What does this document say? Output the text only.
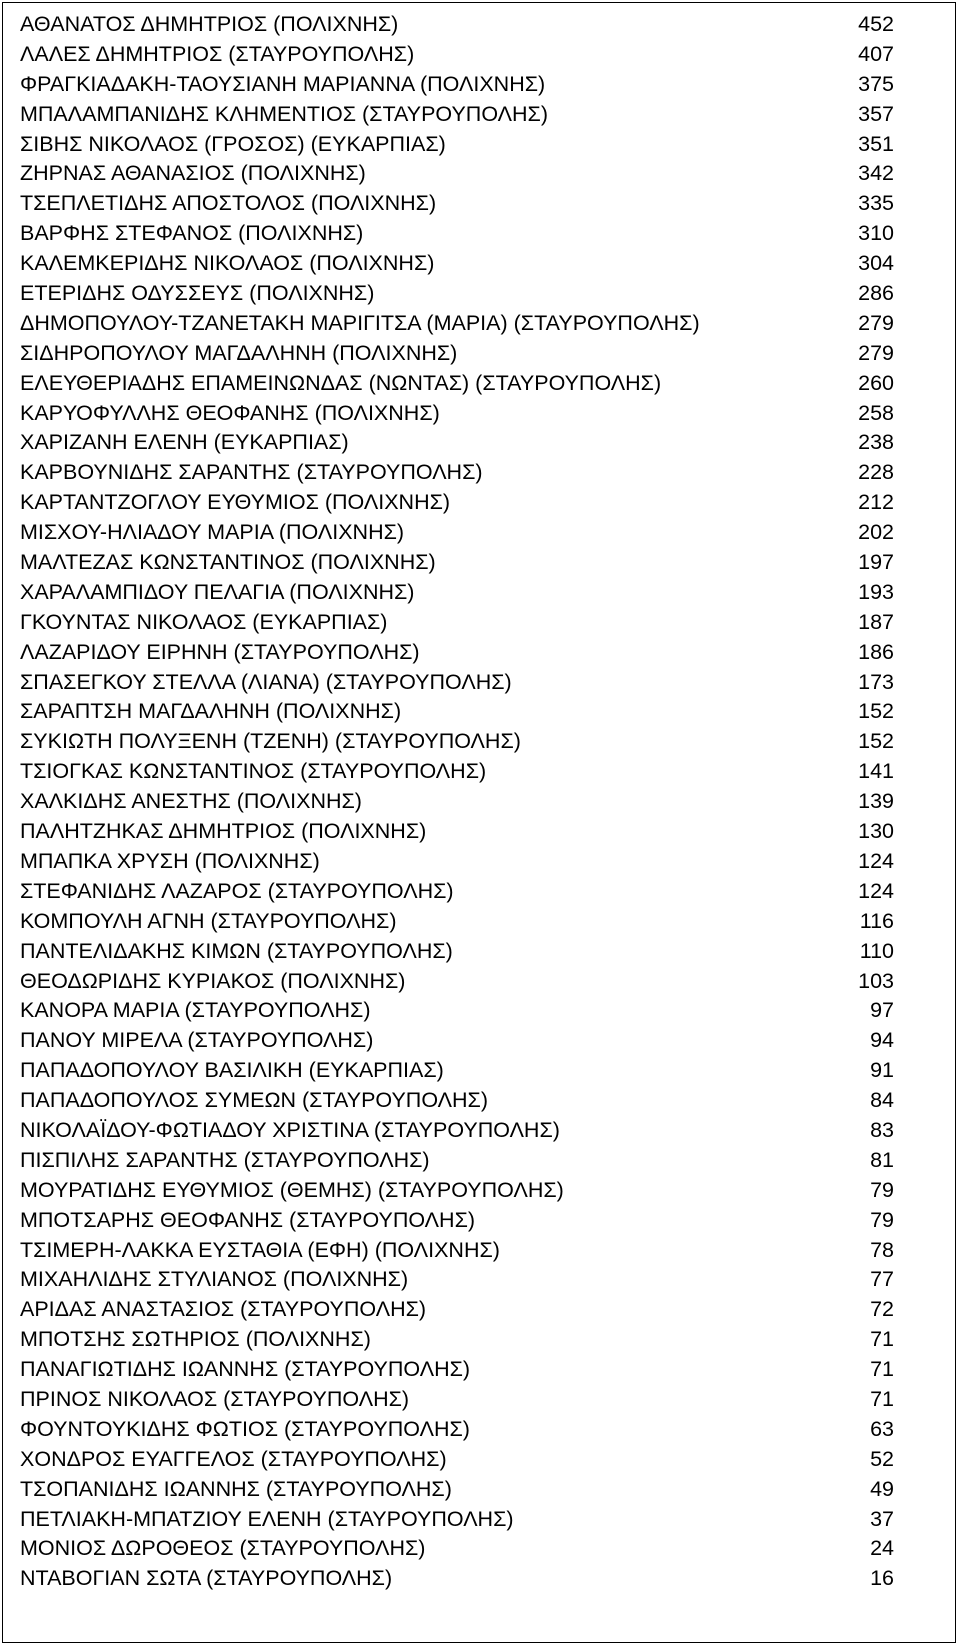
ΑΘΑΝΑΤΟΣ ΔΗΜΗΤΡΙΟΣ (ΠΟΛΙΧΝΗΣ)	452
ΛΑΛΕΣ ΔΗΜΗΤΡΙΟΣ (ΣΤΑΥΡΟΥΠΟΛΗΣ)	407
ΦΡΑΓΚΙΑΔΑΚΗ-ΤΑΟΥΣΙΑΝΗ ΜΑΡΙΑΝΝΑ (ΠΟΛΙΧΝΗΣ)	375
ΜΠΑΛΑΜΠΑΝΙΔΗΣ ΚΛΗΜΕΝΤΙΟΣ (ΣΤΑΥΡΟΥΠΟΛΗΣ)	357
ΣΙΒΗΣ ΝΙΚΟΛΑΟΣ (ΓΡΟΣΟΣ) (ΕΥΚΑΡΠΙΑΣ)	351
ΖΗΡΝΑΣ ΑΘΑΝΑΣΙΟΣ (ΠΟΛΙΧΝΗΣ)	342
ΤΣΕΠΛΕΤΙΔΗΣ ΑΠΟΣΤΟΛΟΣ (ΠΟΛΙΧΝΗΣ)	335
ΒΑΡΦΗΣ ΣΤΕΦΑΝΟΣ (ΠΟΛΙΧΝΗΣ)	310
ΚΑΛΕΜΚΕΡΙΔΗΣ ΝΙΚΟΛΑΟΣ (ΠΟΛΙΧΝΗΣ)	304
ΕΤΕΡΙΔΗΣ ΟΔΥΣΣΕΥΣ (ΠΟΛΙΧΝΗΣ)	286
ΔΗΜΟΠΟΥΛΟΥ-ΤΖΑΝΕΤΑΚΗ ΜΑΡΙΓΙΤΣΑ (ΜΑΡΙΑ) (ΣΤΑΥΡΟΥΠΟΛΗΣ)	279
ΣΙΔΗΡΟΠΟΥΛΟΥ ΜΑΓΔΑΛΗΝΗ (ΠΟΛΙΧΝΗΣ)	279
ΕΛΕΥΘΕΡΙΑΔΗΣ ΕΠΑΜΕΙΝΩΝΔΑΣ (ΝΩΝΤΑΣ) (ΣΤΑΥΡΟΥΠΟΛΗΣ)	260
ΚΑΡΥΟΦΥΛΛΗΣ ΘΕΟΦΑΝΗΣ (ΠΟΛΙΧΝΗΣ)	258
ΧΑΡΙΖΑΝΗ ΕΛΕΝΗ (ΕΥΚΑΡΠΙΑΣ)	238
ΚΑΡΒΟΥΝΙΔΗΣ ΣΑΡΑΝΤΗΣ (ΣΤΑΥΡΟΥΠΟΛΗΣ)	228
ΚΑΡΤΑΝΤΖΟΓΛΟΥ ΕΥΘΥΜΙΟΣ (ΠΟΛΙΧΝΗΣ)	212
ΜΙΣΧΟΥ-ΗΛΙΑΔΟΥ ΜΑΡΙΑ (ΠΟΛΙΧΝΗΣ)	202
ΜΑΛΤΕΖΑΣ ΚΩΝΣΤΑΝΤΙΝΟΣ (ΠΟΛΙΧΝΗΣ)	197
ΧΑΡΑΛΑΜΠΙΔΟΥ ΠΕΛΑΓΙΑ (ΠΟΛΙΧΝΗΣ)	193
ΓΚΟΥΝΤΑΣ ΝΙΚΟΛΑΟΣ (ΕΥΚΑΡΠΙΑΣ)	187
ΛΑΖΑΡΙΔΟΥ ΕΙΡΗΝΗ (ΣΤΑΥΡΟΥΠΟΛΗΣ)	186
ΣΠΑΣΕΓΚΟΥ ΣΤΕΛΛΑ (ΛΙΑΝΑ) (ΣΤΑΥΡΟΥΠΟΛΗΣ)	173
ΣΑΡΑΠΤΣΗ ΜΑΓΔΑΛΗΝΗ (ΠΟΛΙΧΝΗΣ)	152
ΣΥΚΙΩΤΗ ΠΟΛΥΞΕΝΗ (ΤΖΕΝΗ) (ΣΤΑΥΡΟΥΠΟΛΗΣ)	152
ΤΣΙΟΓΚΑΣ ΚΩΝΣΤΑΝΤΙΝΟΣ (ΣΤΑΥΡΟΥΠΟΛΗΣ)	141
ΧΑΛΚΙΔΗΣ ΑΝΕΣΤΗΣ (ΠΟΛΙΧΝΗΣ)	139
ΠΑΛΗΤΖΗΚΑΣ ΔΗΜΗΤΡΙΟΣ (ΠΟΛΙΧΝΗΣ)	130
ΜΠΑΠΚΑ ΧΡΥΣΗ (ΠΟΛΙΧΝΗΣ)	124
ΣΤΕΦΑΝΙΔΗΣ ΛΑΖΑΡΟΣ (ΣΤΑΥΡΟΥΠΟΛΗΣ)	124
ΚΟΜΠΟΥΛΗ ΑΓΝΗ (ΣΤΑΥΡΟΥΠΟΛΗΣ)	116
ΠΑΝΤΕΛΙΔΑΚΗΣ ΚΙΜΩΝ (ΣΤΑΥΡΟΥΠΟΛΗΣ)	110
ΘΕΟΔΩΡΙΔΗΣ ΚΥΡΙΑΚΟΣ (ΠΟΛΙΧΝΗΣ)	103
ΚΑΝΟΡΑ ΜΑΡΙΑ (ΣΤΑΥΡΟΥΠΟΛΗΣ)	97
ΠΑΝΟΥ ΜΙΡΕΛΑ (ΣΤΑΥΡΟΥΠΟΛΗΣ)	94
ΠΑΠΑΔΟΠΟΥΛΟΥ ΒΑΣΙΛΙΚΗ (ΕΥΚΑΡΠΙΑΣ)	91
ΠΑΠΑΔΟΠΟΥΛΟΣ ΣΥΜΕΩΝ (ΣΤΑΥΡΟΥΠΟΛΗΣ)	84
ΝΙΚΟΛΑΪΔΟΥ-ΦΩΤΙΑΔΟΥ ΧΡΙΣΤΙΝΑ (ΣΤΑΥΡΟΥΠΟΛΗΣ)	83
ΠΙΣΠΙΛΗΣ ΣΑΡΑΝΤΗΣ (ΣΤΑΥΡΟΥΠΟΛΗΣ)	81
ΜΟΥΡΑΤΙΔΗΣ ΕΥΘΥΜΙΟΣ (ΘΕΜΗΣ) (ΣΤΑΥΡΟΥΠΟΛΗΣ)	79
ΜΠΟΤΣΑΡΗΣ ΘΕΟΦΑΝΗΣ (ΣΤΑΥΡΟΥΠΟΛΗΣ)	79
ΤΣΙΜΕΡΗ-ΛΑΚΚΑ ΕΥΣΤΑΘΙΑ (ΕΦΗ) (ΠΟΛΙΧΝΗΣ)	78
ΜΙΧΑΗΛΙΔΗΣ ΣΤΥΛΙΑΝΟΣ (ΠΟΛΙΧΝΗΣ)	77
ΑΡΙΔΑΣ ΑΝΑΣΤΑΣΙΟΣ (ΣΤΑΥΡΟΥΠΟΛΗΣ)	72
ΜΠΟΤΣΗΣ ΣΩΤΗΡΙΟΣ (ΠΟΛΙΧΝΗΣ)	71
ΠΑΝΑΓΙΩΤΙΔΗΣ ΙΩΑΝΝΗΣ (ΣΤΑΥΡΟΥΠΟΛΗΣ)	71
ΠΡΙΝΟΣ ΝΙΚΟΛΑΟΣ (ΣΤΑΥΡΟΥΠΟΛΗΣ)	71
ΦΟΥΝΤΟΥΚΙΔΗΣ ΦΩΤΙΟΣ (ΣΤΑΥΡΟΥΠΟΛΗΣ)	63
ΧΟΝΔΡΟΣ ΕΥΑΓΓΕΛΟΣ (ΣΤΑΥΡΟΥΠΟΛΗΣ)	52
ΤΣΟΠΑΝΙΔΗΣ ΙΩΑΝΝΗΣ (ΣΤΑΥΡΟΥΠΟΛΗΣ)	49
ΠΕΤΛΙΑΚΗ-ΜΠΑΤΖΙΟΥ ΕΛΕΝΗ (ΣΤΑΥΡΟΥΠΟΛΗΣ)	37
ΜΟΝΙΟΣ ΔΩΡΟΘΕΟΣ (ΣΤΑΥΡΟΥΠΟΛΗΣ)	24
ΝΤΑΒΟΓΙΑΝ ΣΩΤΑ (ΣΤΑΥΡΟΥΠΟΛΗΣ)	16
